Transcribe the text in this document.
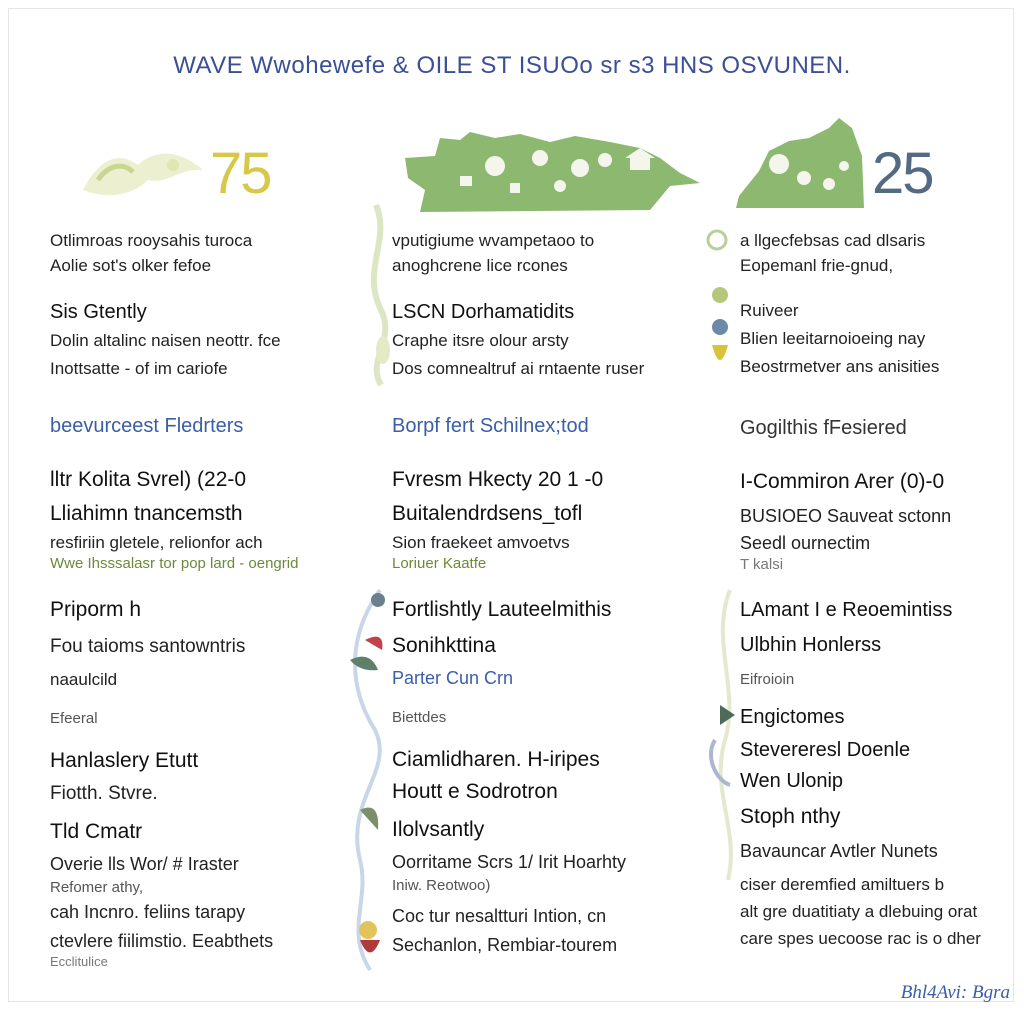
WAVE Wwohewefe & OILE ST ISUOo sr s3 HNS OSVUNEN.
75	25
Otlimroas rooysahis turoca
Aolie sot's olker fefoe
Sis Gtently
Dolin altalinc naisen neottr. fce
Inottsatte - of im cariofe
beevurceest Fledrters
lltr Kolita Svrel) (22-0
Lliahimn tnancemsth
resfiriin gletele, relionfor ach
Wwe Ihsssalasr tor pop lard - oengrid
Priporm h
Fou taioms santowntris
naaulcild
Efeeral
Hanlaslery Etutt
Fiotth. Stvre.
Tld Cmatr
Overie lls Wor/ # Iraster
Refomer athy,
cah Incnro. feliins tarapy
ctevlere fiilimstio. Eeabthets
Ecclitulice
vputigiume wvampetaoo to
anoghcrene lice rcones
LSCN Dorhamatidits
Craphe itsre olour arsty
Dos comnealtruf ai rntaente ruser
Borpf fert Schilnex;tod
Fvresm Hkecty 20 1 -0
Buitalendrdsens_tofl
Sion fraekeet amvoetvs
Loriuer Kaatfe
Fortlishtly Lauteelmithis
Sonihkttina
Parter Cun Crn
Biettdes
Ciamlidharen. H-iripes
Houtt e Sodrotron
Ilolvsantly
Oorritame Scrs 1/ Irit Hoarhty
Iniw. Reotwoo)
Coc tur nesaltturi Intion, cn
Sechanlon, Rembiar-tourem
a llgecfebsas cad dlsaris
Eopemanl frie-gnud,
Ruiveer
Blien leeitarnoioeing nay
Beostrmetver ans anisities
Gogilthis fFesiered
I-Commiron Arer (0)-0
BUSIOEO Sauveat sctonn
Seedl ournectim
T kalsi
LAmant I e Reoemintiss
Ulbhin Honlerss
Eifroioin
Engictomes
Stevereresl Doenle
Wen Ulonip
Stoph nthy
Bavauncar Avtler Nunets
ciser deremfied amiltuers b
alt gre duatitiaty a dlebuing orat
care spes uecoose rac is o dher
Bhl4Avi: Bgra
